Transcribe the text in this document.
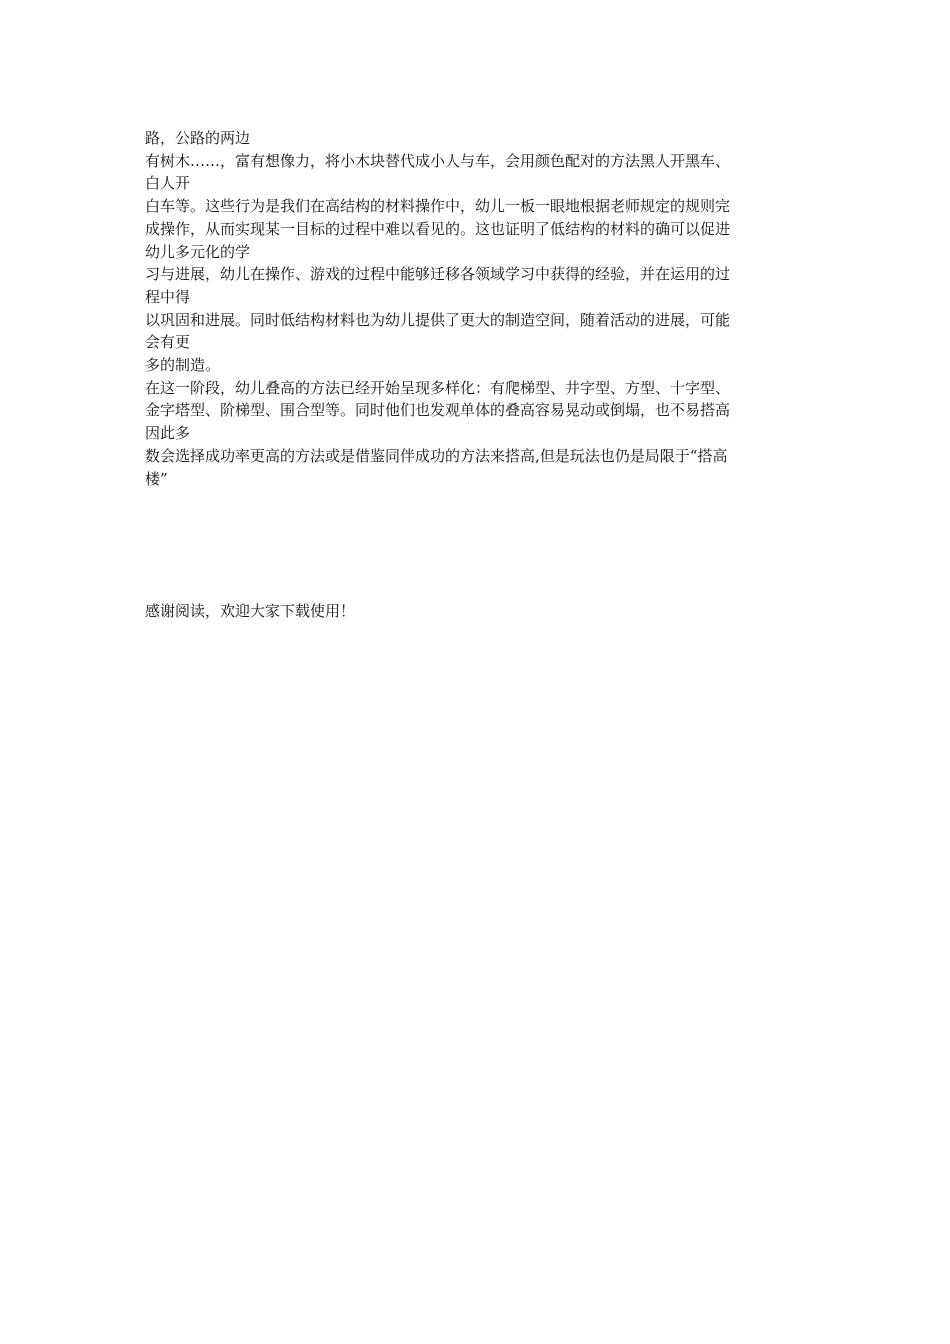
路，公路的两边
有树木……，富有想像力，将小木块替代成小人与车，会用颜色配对的方法黑人开黑车、
白人开
白车等。这些行为是我们在高结构的材料操作中，幼儿一板一眼地根据老师规定的规则完
成操作，从而实现某一目标的过程中难以看见的。这也证明了低结构的材料的确可以促进
幼儿多元化的学
习与进展，幼儿在操作、游戏的过程中能够迁移各领域学习中获得的经验，并在运用的过
程中得
以巩固和进展。同时低结构材料也为幼儿提供了更大的制造空间，随着活动的进展，可能
会有更
多的制造。
在这一阶段，幼儿叠高的方法已经开始呈现多样化：有爬梯型、井字型、方型、十字型、
金字塔型、阶梯型、围合型等。同时他们也发观单体的叠高容易晃动或倒塌，也不易搭高
因此多
数会选择成功率更高的方法或是借鉴同伴成功的方法来搭高,但是玩法也仍是局限于“搭高
楼”
感谢阅读，欢迎大家下载使用！
